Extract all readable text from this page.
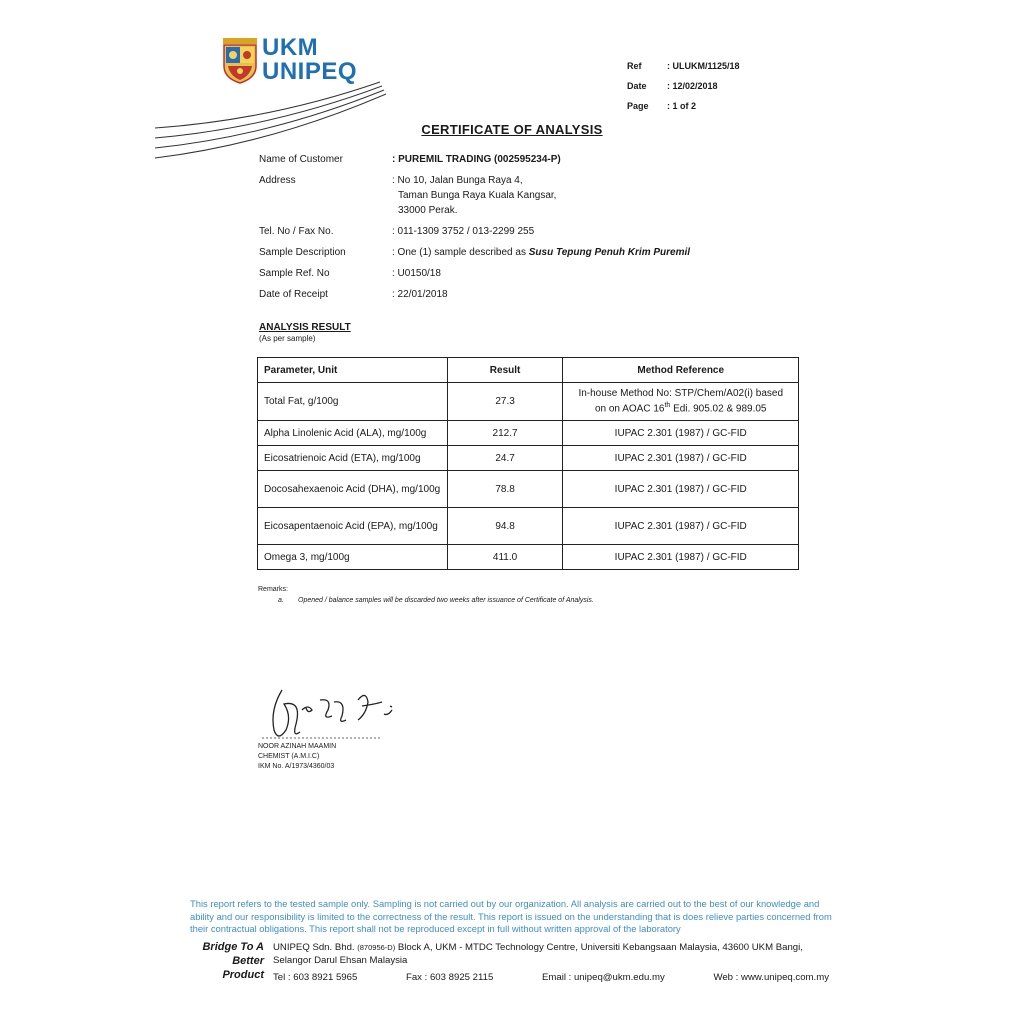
UKM
UNIPEQ	Ref	: ULUKM/1125/18
Date	: 12/02/2018
Page	: 1 of 2
CERTIFICATE OF ANALYSIS
Name of Customer	: PUREMIL TRADING (002595234-P)
Address	: No 10, Jalan Bunga Raya 4,
Taman Bunga Raya Kuala Kangsar,
33000 Perak.
Tel. No / Fax No.	: 011-1309 3752 / 013-2299 255
Sample Description	: One (1) sample described as Susu Tepung Penuh Krim Puremil
Sample Ref. No	: U0150/18
Date of Receipt	: 22/01/2018
ANALYSIS RESULT
(As per sample)
Parameter, Unit	Result	Method Reference
Total Fat, g/100g	27.3	In-house Method No: STP/Chem/A02(i) based
on on AOAC 16th Edi. 905.02 & 989.05

Alpha Linolenic Acid (ALA), mg/100g	212.7	IUPAC 2.301 (1987) / GC-FID
Eicosatrienoic Acid (ETA), mg/100g	24.7	IUPAC 2.301 (1987) / GC-FID
Docosahexaenoic Acid (DHA), mg/100g	78.8	IUPAC 2.301 (1987) / GC-FID
Eicosapentaenoic Acid (EPA), mg/100g	94.8	IUPAC 2.301 (1987) / GC-FID
Omega 3, mg/100g	411.0	IUPAC 2.301 (1987) / GC-FID
Remarks:
a. Opened / balance samples will be discarded two weeks after issuance of Certificate of Analysis.
NOOR AZINAH MAAMIN
CHEMIST (A.M.I.C)
IKM No. A/1973/4360/03
This report refers to the tested sample only. Sampling is not carried out by our organization. All analysis are carried out to the best of our knowledge and ability and our responsibility is limited to the correctness of the result. This report is issued on the understanding that is does relieve parties concerned from their contractual obligations. This report shall not be reproduced except in full without written approval of the laboratory
Bridge To A
Better Product
UNIPEQ Sdn. Bhd. (870956-D) Block A, UKM - MTDC Technology Centre, Universiti Kebangsaan Malaysia, 43600 UKM Bangi,
Selangor Darul Ehsan Malaysia
Tel : 603 8921 5965	Fax : 603 8925 2115	Email : unipeq@ukm.edu.my	Web : www.unipeq.com.my
